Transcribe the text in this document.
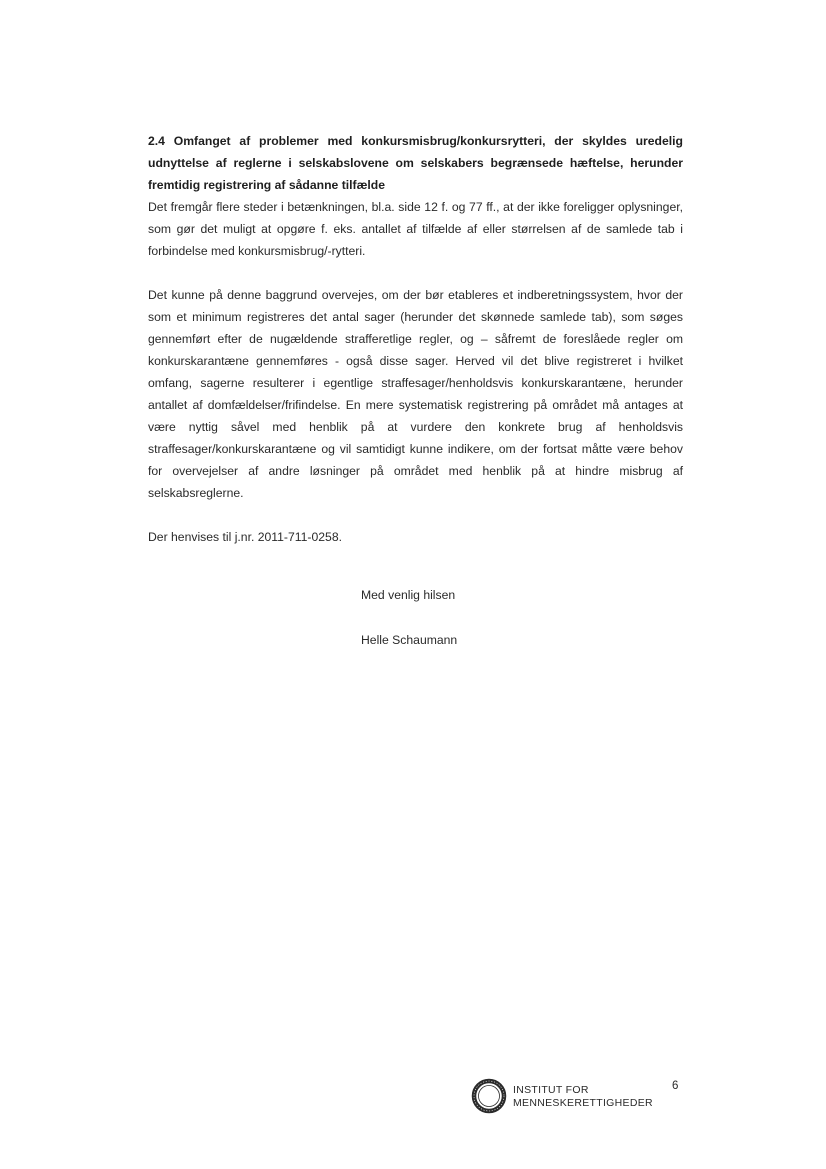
2.4 Omfanget af problemer med konkursmisbrug/konkursrytteri, der skyldes uredelig udnyttelse af reglerne i selskabslovene om selskabers begrænsede hæftelse, herunder fremtidig registrering af sådanne tilfælde

Det fremgår flere steder i betænkningen, bl.a. side 12 f. og 77 ff., at der ikke foreligger oplysninger, som gør det muligt at opgøre f. eks. antallet af tilfælde af eller størrelsen af de samlede tab i forbindelse med konkursmisbrug/-rytteri.

Det kunne på denne baggrund overvejes, om der bør etableres et indberetningssystem, hvor der som et minimum registreres det antal sager (herunder det skønnede samlede tab), som søges gennemført efter de nugældende strafferetlige regler, og – såfremt de foreslåede regler om konkurskarantæne gennemføres - også disse sager. Herved vil det blive registreret i hvilket omfang, sagerne resulterer i egentlige straffesager/henholdsvis konkurskarantæne, herunder antallet af domfældelser/frifindelse. En mere systematisk registrering på området må antages at være nyttig såvel med henblik på at vurdere den konkrete brug af henholdsvis straffesager/konkurskarantæne og vil samtidigt kunne indikere, om der fortsat måtte være behov for overvejelser af andre løsninger på området med henblik på at hindre misbrug af selskabsreglerne.

Der henvises til j.nr. 2011-711-0258.

Med venlig hilsen
Helle Schaumann
INSTITUT FOR
MENNESKERETTIGHEDER
6
